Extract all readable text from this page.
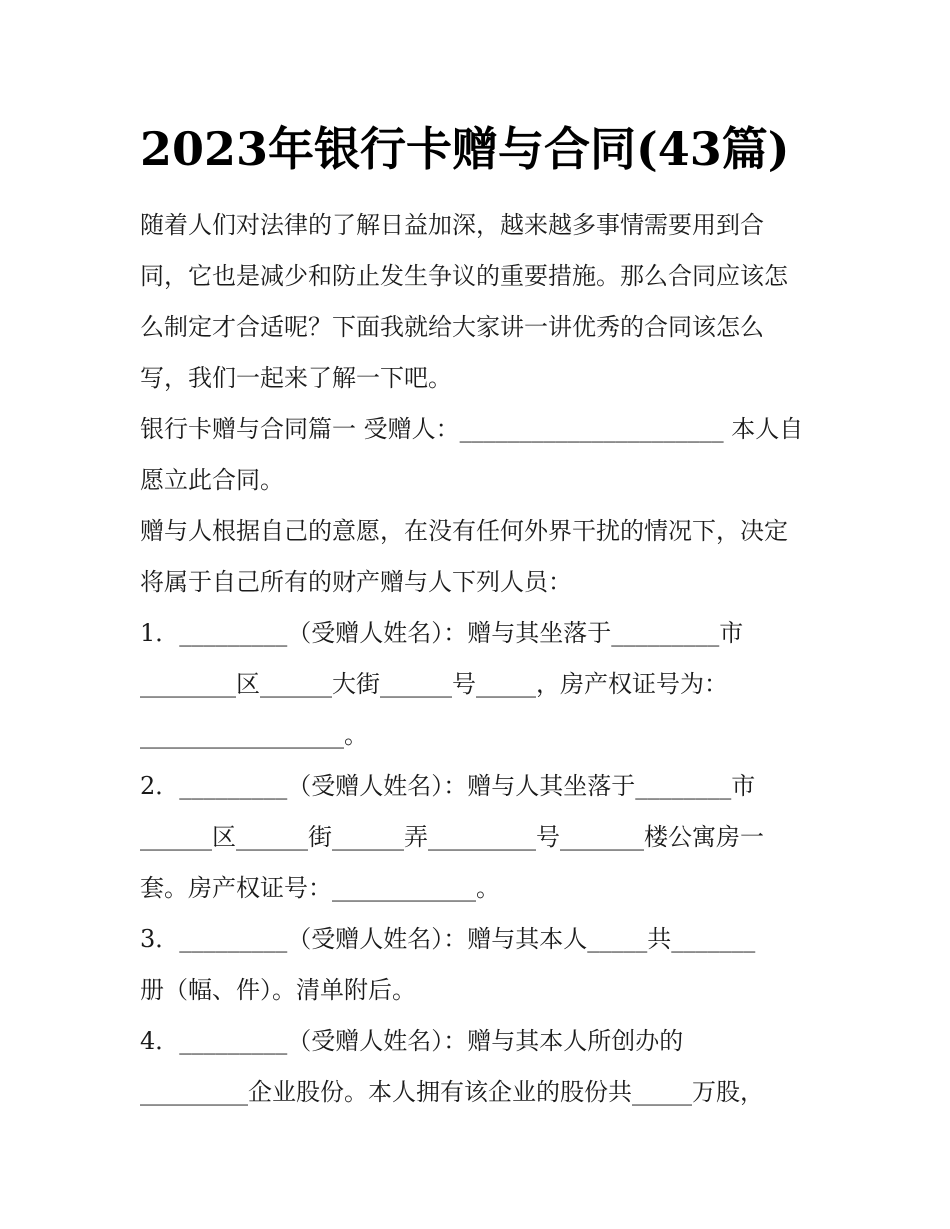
2023年银行卡赠与合同(43篇)
随着人们对法律的了解日益加深，越来越多事情需要用到合
同，它也是减少和防止发生争议的重要措施。那么合同应该怎
么制定才合适呢？下面我就给大家讲一讲优秀的合同该怎么
写，我们一起来了解一下吧。
银行卡赠与合同篇一 受赠人：______________________ 本人自
愿立此合同。
赠与人根据自己的意愿，在没有任何外界干扰的情况下，决定
将属于自己所有的财产赠与人下列人员：
1．_________（受赠人姓名）：赠与其坐落于_________市
________区______大街______号_____，房产权证号为：
_________________。
2．_________（受赠人姓名）：赠与人其坐落于________市
______区______街______弄_________号_______楼公寓房一
套。房产权证号：____________。
3．_________（受赠人姓名）：赠与其本人_____共_______
册（幅、件）。清单附后。
4．_________（受赠人姓名）：赠与其本人所创办的
_________企业股份。本人拥有该企业的股份共_____万股，
